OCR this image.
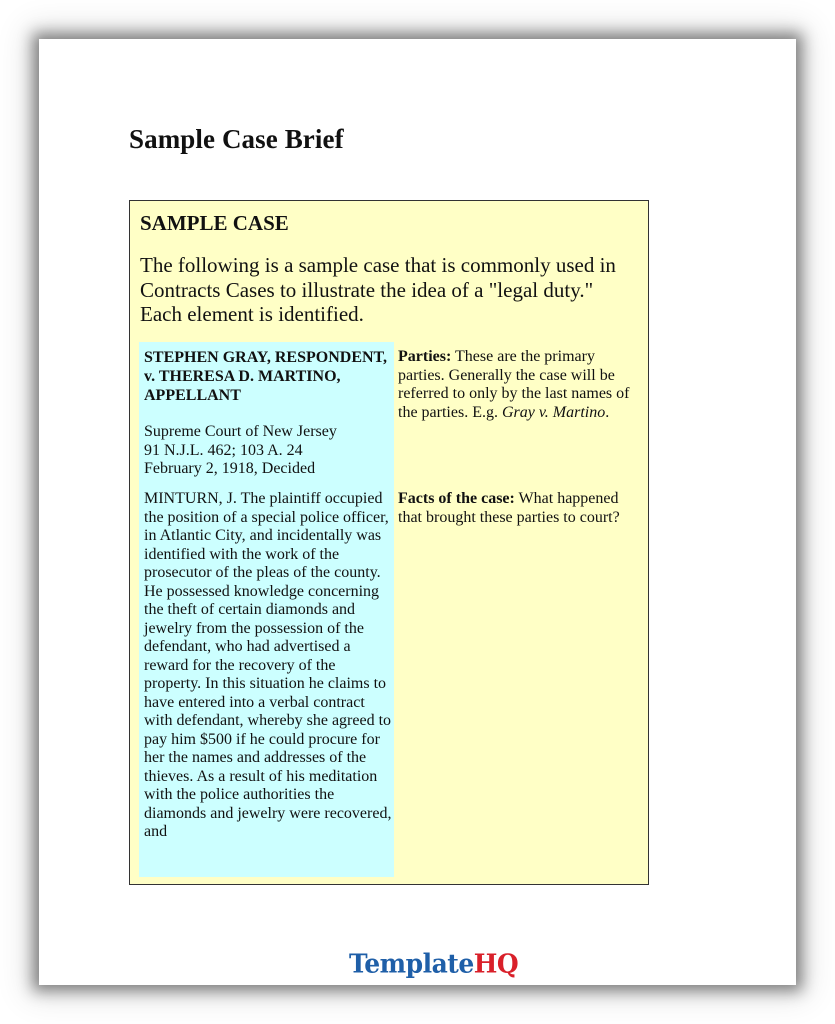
Sample Case Brief
SAMPLE CASE

The following is a sample case that is commonly used in Contracts Cases to illustrate the idea of a "legal duty." Each element is identified.

STEPHEN GRAY, RESPONDENT, v. THERESA D. MARTINO, APPELLANT

Supreme Court of New Jersey
91 N.J.L. 462; 103 A. 24
February 2, 1918, Decided

MINTURN, J. The plaintiff occupied the position of a special police officer, in Atlantic City, and incidentally was identified with the work of the prosecutor of the pleas of the county. He possessed knowledge concerning the theft of certain diamonds and jewelry from the possession of the defendant, who had advertised a reward for the recovery of the property. In this situation he claims to have entered into a verbal contract with defendant, whereby she agreed to pay him $500 if he could procure for her the names and addresses of the thieves. As a result of his meditation with the police authorities the diamonds and jewelry were recovered, and

Parties: These are the primary parties. Generally the case will be referred to only by the last names of the parties. E.g. Gray v. Martino.

Facts of the case: What happened that brought these parties to court?

TemplateHQ
